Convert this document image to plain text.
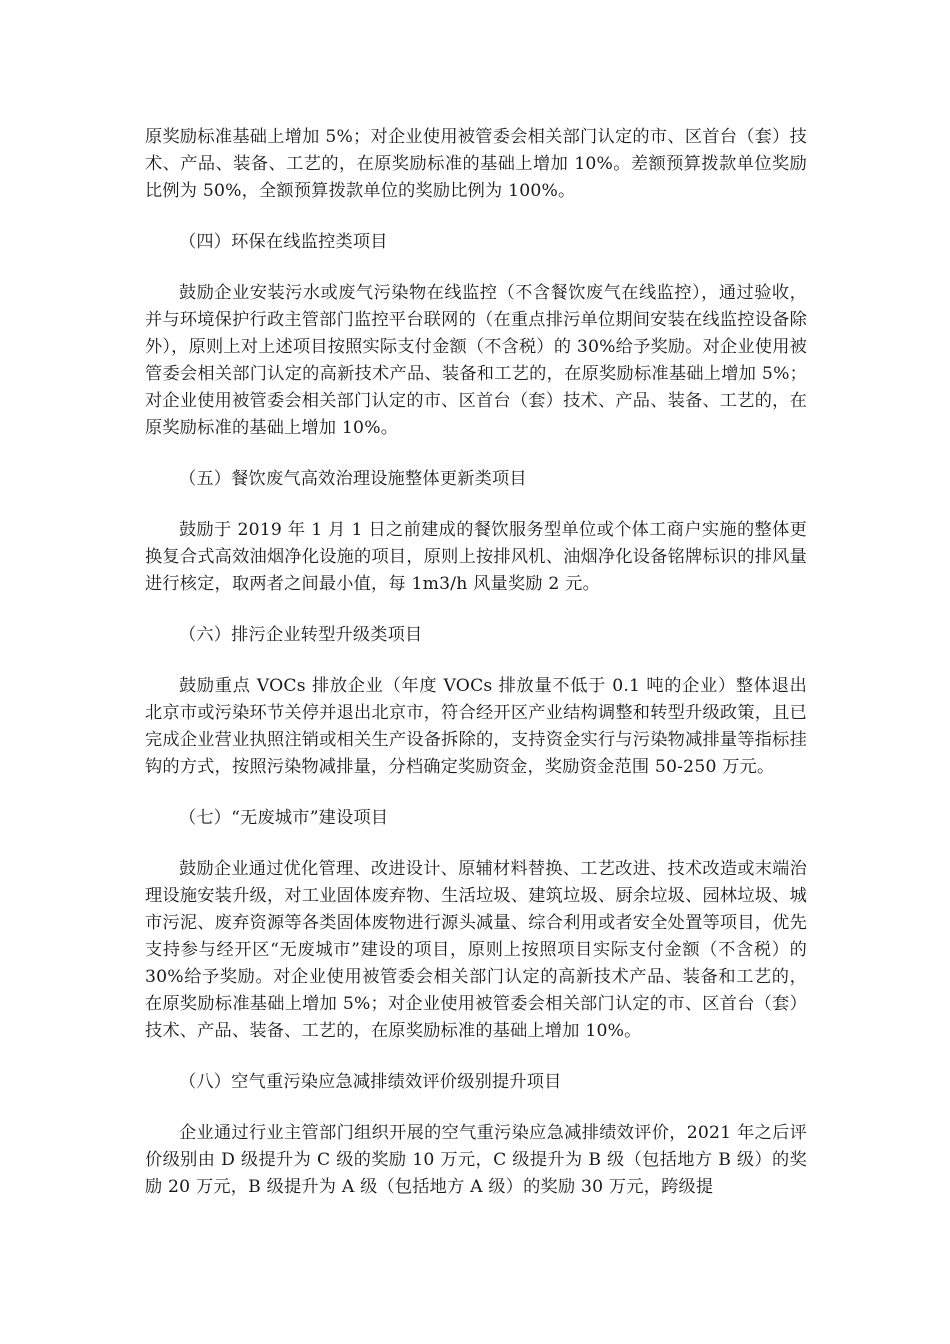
原奖励标准基础上增加 5%；对企业使用被管委会相关部门认定的市、区首台（套）技术、产品、装备、工艺的，在原奖励标准的基础上增加 10%。差额预算拨款单位奖励比例为 50%，全额预算拨款单位的奖励比例为 100%。

（四）环保在线监控类项目

鼓励企业安装污水或废气污染物在线监控（不含餐饮废气在线监控），通过验收，并与环境保护行政主管部门监控平台联网的（在重点排污单位期间安装在线监控设备除外），原则上对上述项目按照实际支付金额（不含税）的 30%给予奖励。对企业使用被管委会相关部门认定的高新技术产品、装备和工艺的，在原奖励标准基础上增加 5%；对企业使用被管委会相关部门认定的市、区首台（套）技术、产品、装备、工艺的，在原奖励标准的基础上增加 10%。

（五）餐饮废气高效治理设施整体更新类项目

鼓励于 2019 年 1 月 1 日之前建成的餐饮服务型单位或个体工商户实施的整体更换复合式高效油烟净化设施的项目，原则上按排风机、油烟净化设备铭牌标识的排风量进行核定，取两者之间最小值，每 1m3/h 风量奖励 2 元。

（六）排污企业转型升级类项目

鼓励重点 VOCs 排放企业（年度 VOCs 排放量不低于 0.1 吨的企业）整体退出北京市或污染环节关停并退出北京市，符合经开区产业结构调整和转型升级政策，且已完成企业营业执照注销或相关生产设备拆除的，支持资金实行与污染物减排量等指标挂钩的方式，按照污染物减排量，分档确定奖励资金，奖励资金范围 50-250 万元。

（七）“无废城市”建设项目

鼓励企业通过优化管理、改进设计、原辅材料替换、工艺改进、技术改造或末端治理设施安装升级，对工业固体废弃物、生活垃圾、建筑垃圾、厨余垃圾、园林垃圾、城市污泥、废弃资源等各类固体废物进行源头减量、综合利用或者安全处置等项目，优先支持参与经开区“无废城市”建设的项目，原则上按照项目实际支付金额（不含税）的 30%给予奖励。对企业使用被管委会相关部门认定的高新技术产品、装备和工艺的，在原奖励标准基础上增加 5%；对企业使用被管委会相关部门认定的市、区首台（套）技术、产品、装备、工艺的，在原奖励标准的基础上增加 10%。

（八）空气重污染应急减排绩效评价级别提升项目

企业通过行业主管部门组织开展的空气重污染应急减排绩效评价，2021 年之后评价级别由 D 级提升为 C 级的奖励 10 万元，C 级提升为 B 级（包括地方 B 级）的奖励 20 万元，B 级提升为 A 级（包括地方 A 级）的奖励 30 万元，跨级提
